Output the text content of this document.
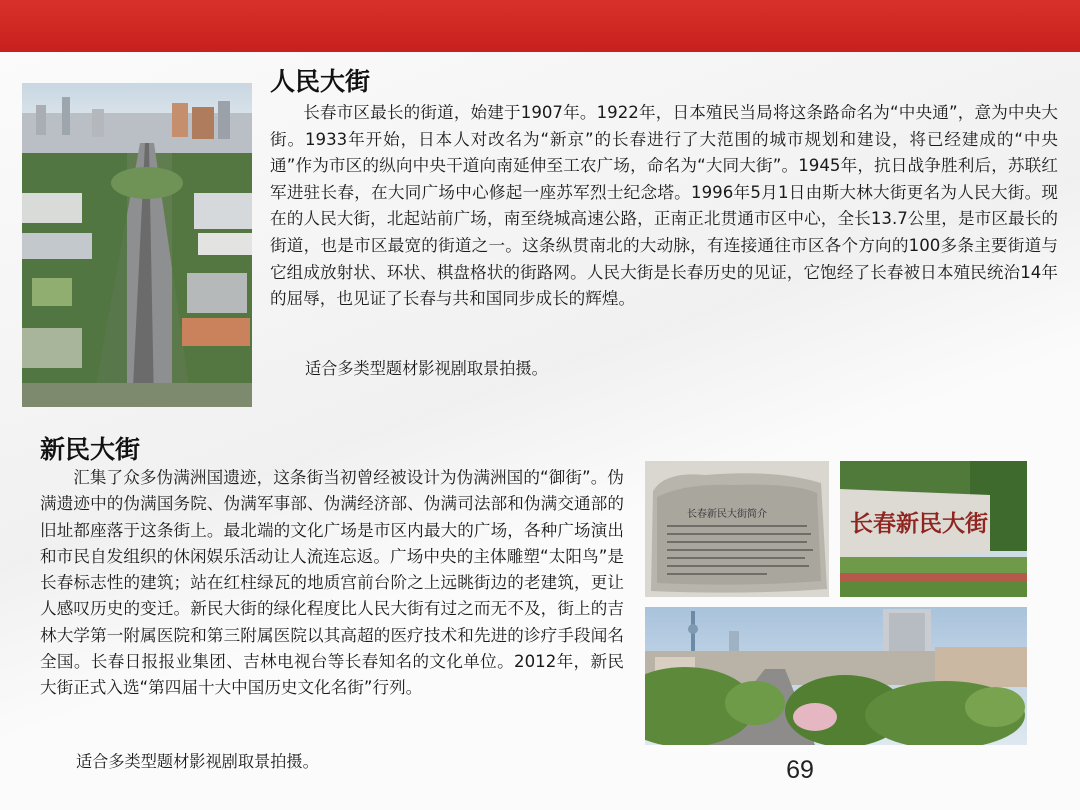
人民大街

长春市区最长的街道，始建于1907年。1922年，日本殖民当局将这条路命名为“中央通”，意为中央大街。1933年开始，日本人对改名为“新京”的长春进行了大范围的城市规划和建设，将已经建成的“中央通”作为市区的纵向中央干道向南延伸至工农广场，命名为“大同大街”。1945年，抗日战争胜利后，苏联红军进驻长春，在大同广场中心修起一座苏军烈士纪念塔。1996年5月1日由斯大林大街更名为人民大街。现在的人民大街，北起站前广场，南至绕城高速公路，正南正北贯通市区中心，全长13.7公里，是市区最长的街道，也是市区最宽的街道之一。这条纵贯南北的大动脉，有连接通往市区各个方向的100多条主要街道与它组成放射状、环状、棋盘格状的街路网。人民大街是长春历史的见证，它饱经了长春被日本殖民统治14年的屈辱，也见证了长春与共和国同步成长的辉煌。

适合多类型题材影视剧取景拍摄。

新民大街

汇集了众多伪满洲国遗迹，这条街当初曾经被设计为伪满洲国的“御街”。伪满遗迹中的伪满国务院、伪满军事部、伪满经济部、伪满司法部和伪满交通部的旧址都座落于这条街上。最北端的文化广场是市区内最大的广场，各种广场演出和市民自发组织的休闲娱乐活动让人流连忘返。广场中央的主体雕塑“太阳鸟”是长春标志性的建筑；站在红柱绿瓦的地质宫前台阶之上远眺街边的老建筑，更让人感叹历史的变迁。新民大街的绿化程度比人民大街有过之而无不及，街上的吉林大学第一附属医院和第三附属医院以其高超的医疗技术和先进的诊疗手段闻名全国。长春日报报业集团、吉林电视台等长春知名的文化单位。2012年，新民大街正式入选“第四届十大中国历史文化名街”行列。

适合多类型题材影视剧取景拍摄。

长春新民大街简介	长春新民大街
69
